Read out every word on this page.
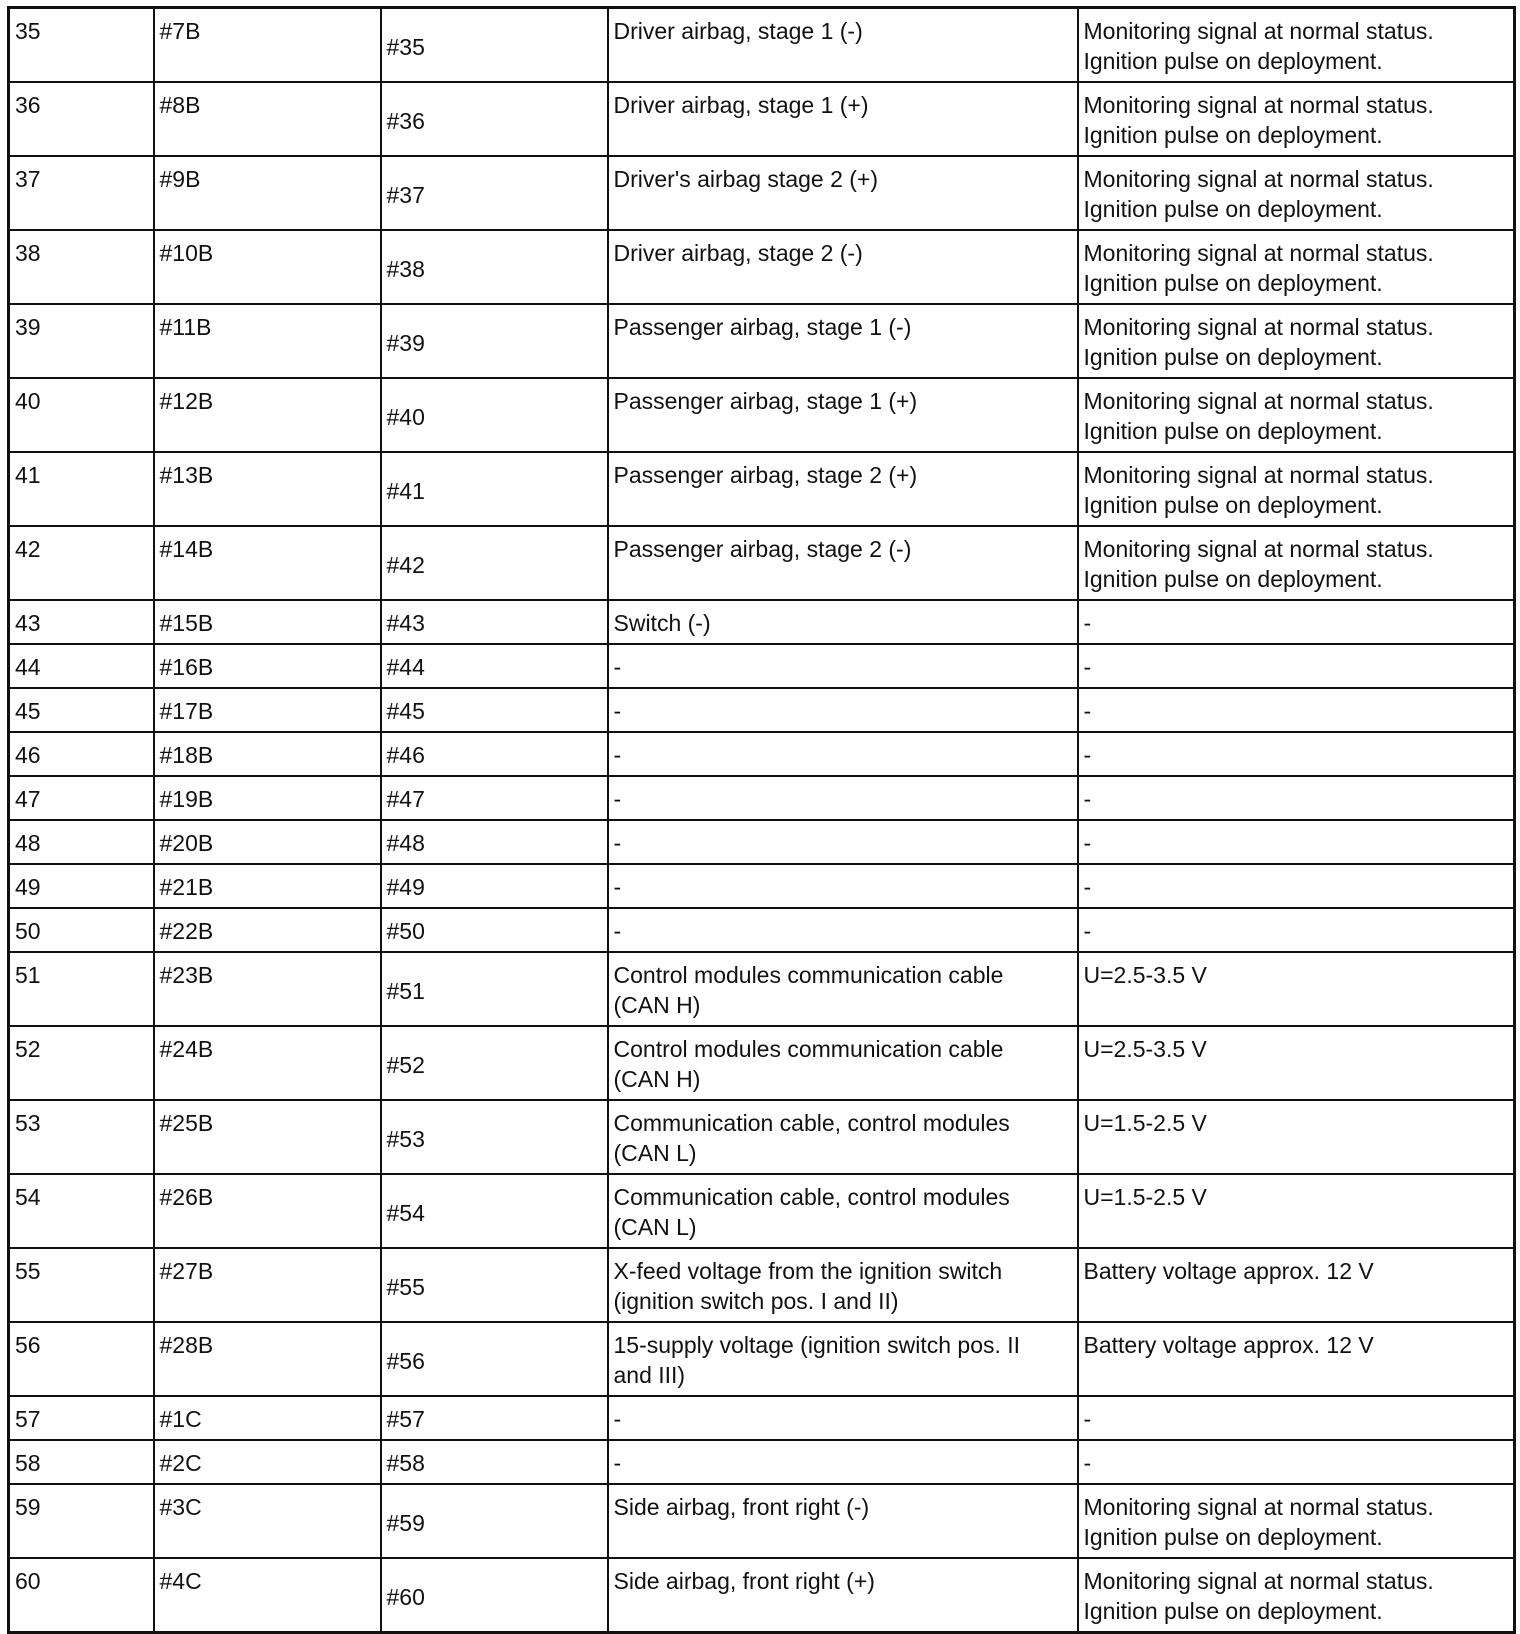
35	#7B	#35	Driver airbag, stage 1 (-)	Monitoring signal at normal status.
Ignition pulse on deployment.

36	#8B	#36	Driver airbag, stage 1 (+)	Monitoring signal at normal status.
Ignition pulse on deployment.

37	#9B	#37	Driver's airbag stage 2 (+)	Monitoring signal at normal status.
Ignition pulse on deployment.

38	#10B	#38	Driver airbag, stage 2 (-)	Monitoring signal at normal status.
Ignition pulse on deployment.

39	#11B	#39	Passenger airbag, stage 1 (-)	Monitoring signal at normal status.
Ignition pulse on deployment.

40	#12B	#40	Passenger airbag, stage 1 (+)	Monitoring signal at normal status.
Ignition pulse on deployment.

41	#13B	#41	Passenger airbag, stage 2 (+)	Monitoring signal at normal status.
Ignition pulse on deployment.

42	#14B	#42	Passenger airbag, stage 2 (-)	Monitoring signal at normal status.
Ignition pulse on deployment.

43	#15B	#43	Switch (-)	-

44	#16B	#44	-	-

45	#17B	#45	-	-

46	#18B	#46	-	-

47	#19B	#47	-	-

48	#20B	#48	-	-

49	#21B	#49	-	-

50	#22B	#50	-	-

51	#23B	#51	Control modules communication cable
(CAN H)	U=2.5-3.5 V

52	#24B	#52	Control modules communication cable
(CAN H)	U=2.5-3.5 V

53	#25B	#53	Communication cable, control modules
(CAN L)	U=1.5-2.5 V

54	#26B	#54	Communication cable, control modules
(CAN L)	U=1.5-2.5 V

55	#27B	#55	X-feed voltage from the ignition switch
(ignition switch pos. I and II)	Battery voltage approx. 12 V

56	#28B	#56	15-supply voltage (ignition switch pos. II
and III)	Battery voltage approx. 12 V

57	#1C	#57	-	-

58	#2C	#58	-	-

59	#3C	#59	Side airbag, front right (-)	Monitoring signal at normal status.
Ignition pulse on deployment.

60	#4C	#60	Side airbag, front right (+)	Monitoring signal at normal status.
Ignition pulse on deployment.
